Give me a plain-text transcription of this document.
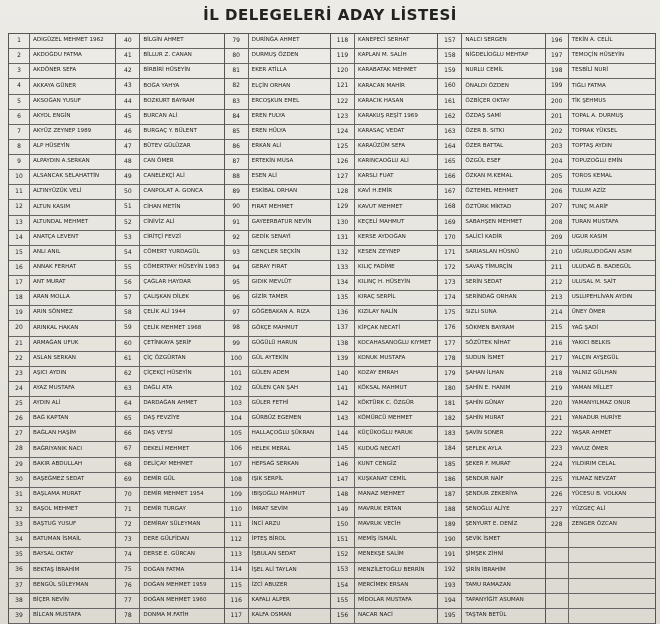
İL DELEGELERİ ADAY LİSTESİ
1	ADIGÜZEL MEHMET 1962
2	AKDOĞDU FATMA
3	AKDÖNER SEFA
4	AKKAYA GÜNER
5	AKSOĞAN YUSUF
6	AKYOL ENGİN
7	AKYÜZ ZEYNEP 1989
8	ALP HÜSEYİN
9	ALPAYDIN A.SERKAN
10	ALSANCAK SELAHATTİN
11	ALTINYÜZÜK VELİ
12	ALTUN KASIM
13	ALTUNDAL MEHMET
14	ANATÇA LEVENT
15	ANLI ANIL
16	ANNAK FERHAT
17	ANT MURAT
18	ARAN MOLLA
19	ARIN SÖNMEZ
20	ARINKAL HAKAN
21	ARMAĞAN UFUK
22	ASLAN SERKAN
23	AŞICI AYDIN
24	AYAZ MUSTAFA
25	AYDIN ALİ
26	BAĞ KAPTAN
27	BAĞLAN HAŞİM
28	BAĞRIYANIK NACI
29	BAKIR ABDULLAH
30	BAŞEĞMEZ SEDAT
31	BAŞLAMA MURAT
32	BAŞOL MEHMET
33	BAŞTUĞ YUSUF
34	BATUMAN İSMAİL
35	BAYSAL OKTAY
36	BEKTAŞ İBRAHİM
37	BENGÜL SÜLEYMAN
38	BİÇER NEVİN
39	BİLCAN MUSTAFA
40	BİLGİN AHMET
41	BİLLUR Z. CANAN
42	BİRBİRİ HÜSEYİN
43	BOĞA YAHYA
44	BOZKURT BAYRAM
45	BURCAN ALİ
46	BURGAÇ Y. BÜLENT
47	BÜTEV GÜLÜZAR
48	CAN ÖMER
49	CANELEKÇİ ALİ
50	CANPOLAT A. GONCA
51	CİHAN METİN
52	CİNİVİZ ALİ
53	CİRİTÇİ FEVZİ
54	CÖMERT YURDAGÜL
55	CÖMERTPAY HÜSEYİN 1983
56	ÇAĞLAR HAYDAR
57	ÇALIŞKAN DİLEK
58	ÇELİK ALİ 1944
59	ÇELİK MEHMET 1968
60	ÇETİNKAYA ŞERİF
61	ÇİÇ ÖZGÜRTAN
62	ÇİÇEKÇİ HÜSEYİN
63	DAĞLI ATA
64	DARDAĞAN AHMET
65	DAŞ FEVZİYE
66	DAŞ VEYSİ
67	DEKELİ MEHMET
68	DELİÇAY MEHMET
69	DEMİR GÜL
70	DEMİR MEHMET 1954
71	DEMİR TURGAY
72	DEMİRAY SÜLEYMAN
73	DERE GÜLFİDAN
74	DERSE E. GÜRCAN
75	DOĞAN FATMA
76	DOĞAN MEHMET 1959
77	DOĞAN MEHMET 1960
78	DONMA M.FATİH
79	DURİNĞA AHMET
80	DURMUŞ ÖZDEN
81	EKER ATİLLA
82	ELÇİN ORHAN
83	ERCOŞKUN EMEL
84	EREN FULYA
85	EREN HÜLYA
86	ERKAN ALİ
87	ERTEKİN MUSA
88	ESEN ALİ
89	ESKİBAL ORHAN
90	FIRAT MEHMET
91	GAYEERBATUR NEVİN
92	GEDİK SENAYİ
93	GENÇLER SEÇKİN
94	GERAY FIRAT
95	GIDIK MEVLÜT
96	GİZİR TAMER
97	GÖĞEBAKAN A. RIZA
98	GÖKÇE MAHMUT
99	GÜĞÜLÜ HARUN
100	GÜL AYTEKİN
101	GÜLEN ADEM
102	GÜLEN ÇAN ŞAH
103	GÜLER FETHİ
104	GÜRBÜZ EGEMEN
105	HALLAÇOĞLU ŞÜKRAN
106	HELEK MERAL
107	HEPSAĞ SERKAN
108	IŞIK SERPİL
109	IBIŞOĞLU MAHMUT
110	İMRAT SEVİM
111	İNCİ ARZU
112	İPTEŞ BİROL
113	İŞBULAN SEDAT
114	İŞEL ALİ TAYLAN
115	İZCİ ABUZER
116	KAFALI ALPER
117	KALFA OSMAN
118	KANEPECİ SERHAT
119	KAPLAN M. SALİH
120	KARABATAK MEHMET
121	KARACAN MAHİR
122	KARACIK HASAN
123	KARAKUŞ REŞİT 1969
124	KARASAÇ VEDAT
125	KARAÜZÜM SEFA
126	KARINCAOĞLU ALİ
127	KARSLI FUAT
128	KAVİ H.EMİR
129	KAVUT MEHMET
130	KEÇELİ MAHMUT
131	KERSE AYDOĞAN
132	KESEN ZEYNEP
133	KILIÇ FADİME
134	KILINÇ H. HÜSEYİN
135	KIRAÇ SERPİL
136	KIZILAY NALİN
137	KİPÇAK NECATİ
138	KOCAHASANOĞLU KIYMET
139	KONUK MUSTAFA
140	KOZAY EMRAH
141	KÖKSAL MAHMUT
142	KÖKTÜRK C. ÖZGÜR
143	KÖMÜRCÜ MEHMET
144	KÜÇÜKOĞLU FARUK
145	KUDUĞ NECATİ
146	KUNT CENGİZ
147	KUŞKANAT CEMİL
148	MANAZ MEHMET
149	MAVRUK ERTAN
150	MAVRUK VECİH
151	MEMİŞ İSMAİL
152	MENEKŞE SALİM
153	MENZİLETOĞLU BERRİN
154	MERCİMEK ERSAN
155	MİDOLAR MUSTAFA
156	NACAR NACİ
157	NALCI SERGEN
158	NİĞDELİOĞLU MEHTAP
159	NURLU CEMİL
160	ÖNALDI ÖZDEN
161	ÖZBİÇER OKTAY
162	ÖZDAŞ SAMİ
163	ÖZER B. SITKI
164	ÖZER BATTAL
165	ÖZGÜL ESEF
166	ÖZKAN M.KEMAL
167	ÖZTEMEL MEHMET
168	ÖZTÜRK MİKTAD
169	SABAHŞEN MEHMET
170	SALİCİ KADİR
171	SARIASLAN HÜSNÜ
172	SAVAŞ TİMURÇİN
173	SERİN SEDAT
174	SERİNDAĞ ORHAN
175	SIZLI SUNA
176	SÖKMEN BAYRAM
177	SÖZÜTEK NİHAT
178	SUDUN İSMET
179	ŞAHAN İLHAN
180	ŞAHİN E. HANIM
181	ŞAHİN GÜNAY
182	ŞAHİN MURAT
183	ŞAVİN SONER
184	ŞEFLEK AYLA
185	ŞEKER F. MURAT
186	ŞENDUR NAİF
187	ŞENDUR ZEKERİYA
188	ŞENOĞLU ALİYE
189	ŞENYURT E. DENİZ
190	ŞEVİK İSMET
191	ŞİMŞEK ZİHNİ
192	ŞİRİN İBRAHİM
193	TAMU RAMAZAN
194	TAPANYİĞİT ASUMAN
195	TAŞTAN BETÜL
196	TEKİN A. CELİL
197	TEMOÇİN HÜSEYİN
198	TESBİLİ NURİ
199	TIĞLI FATMA
200	TİK ŞEHMUS
201	TOPAL A. DURMUŞ
202	TOPRAK YÜKSEL
203	TOPTAŞ AYDIN
204	TOPUZOĞLU EMİN
205	TOROS KEMAL
206	TULUM AZİZ
207	TUNÇ M.ARİF
208	TURAN MUSTAFA
209	UGUR KASIM
210	UĞURLUDOĞAN ASIM
211	ULUDAĞ B. BADEGÜL
212	ULUSAL M. SAİT
213	USLUPEHLİVAN AYDIN
214	ÜNEY ÖMER
215	YAĞ ŞADİ
216	YAKICI BELKIS
217	YALÇIN AYŞEGÜL
218	YALNIZ GÜLHAN
219	YAMAN MİLLET
220	YAMANYILMAZ ONUR
221	YANADUR HURİYE
222	YAŞAR AHMET
223	YAVUZ ÖMER
224	YILDIRIM CELAL
225	YILMAZ NEVZAT
226	YÜCESU B. VOLKAN
227	YÜZGEÇ ALİ
228	ZENGER ÖZCAN
